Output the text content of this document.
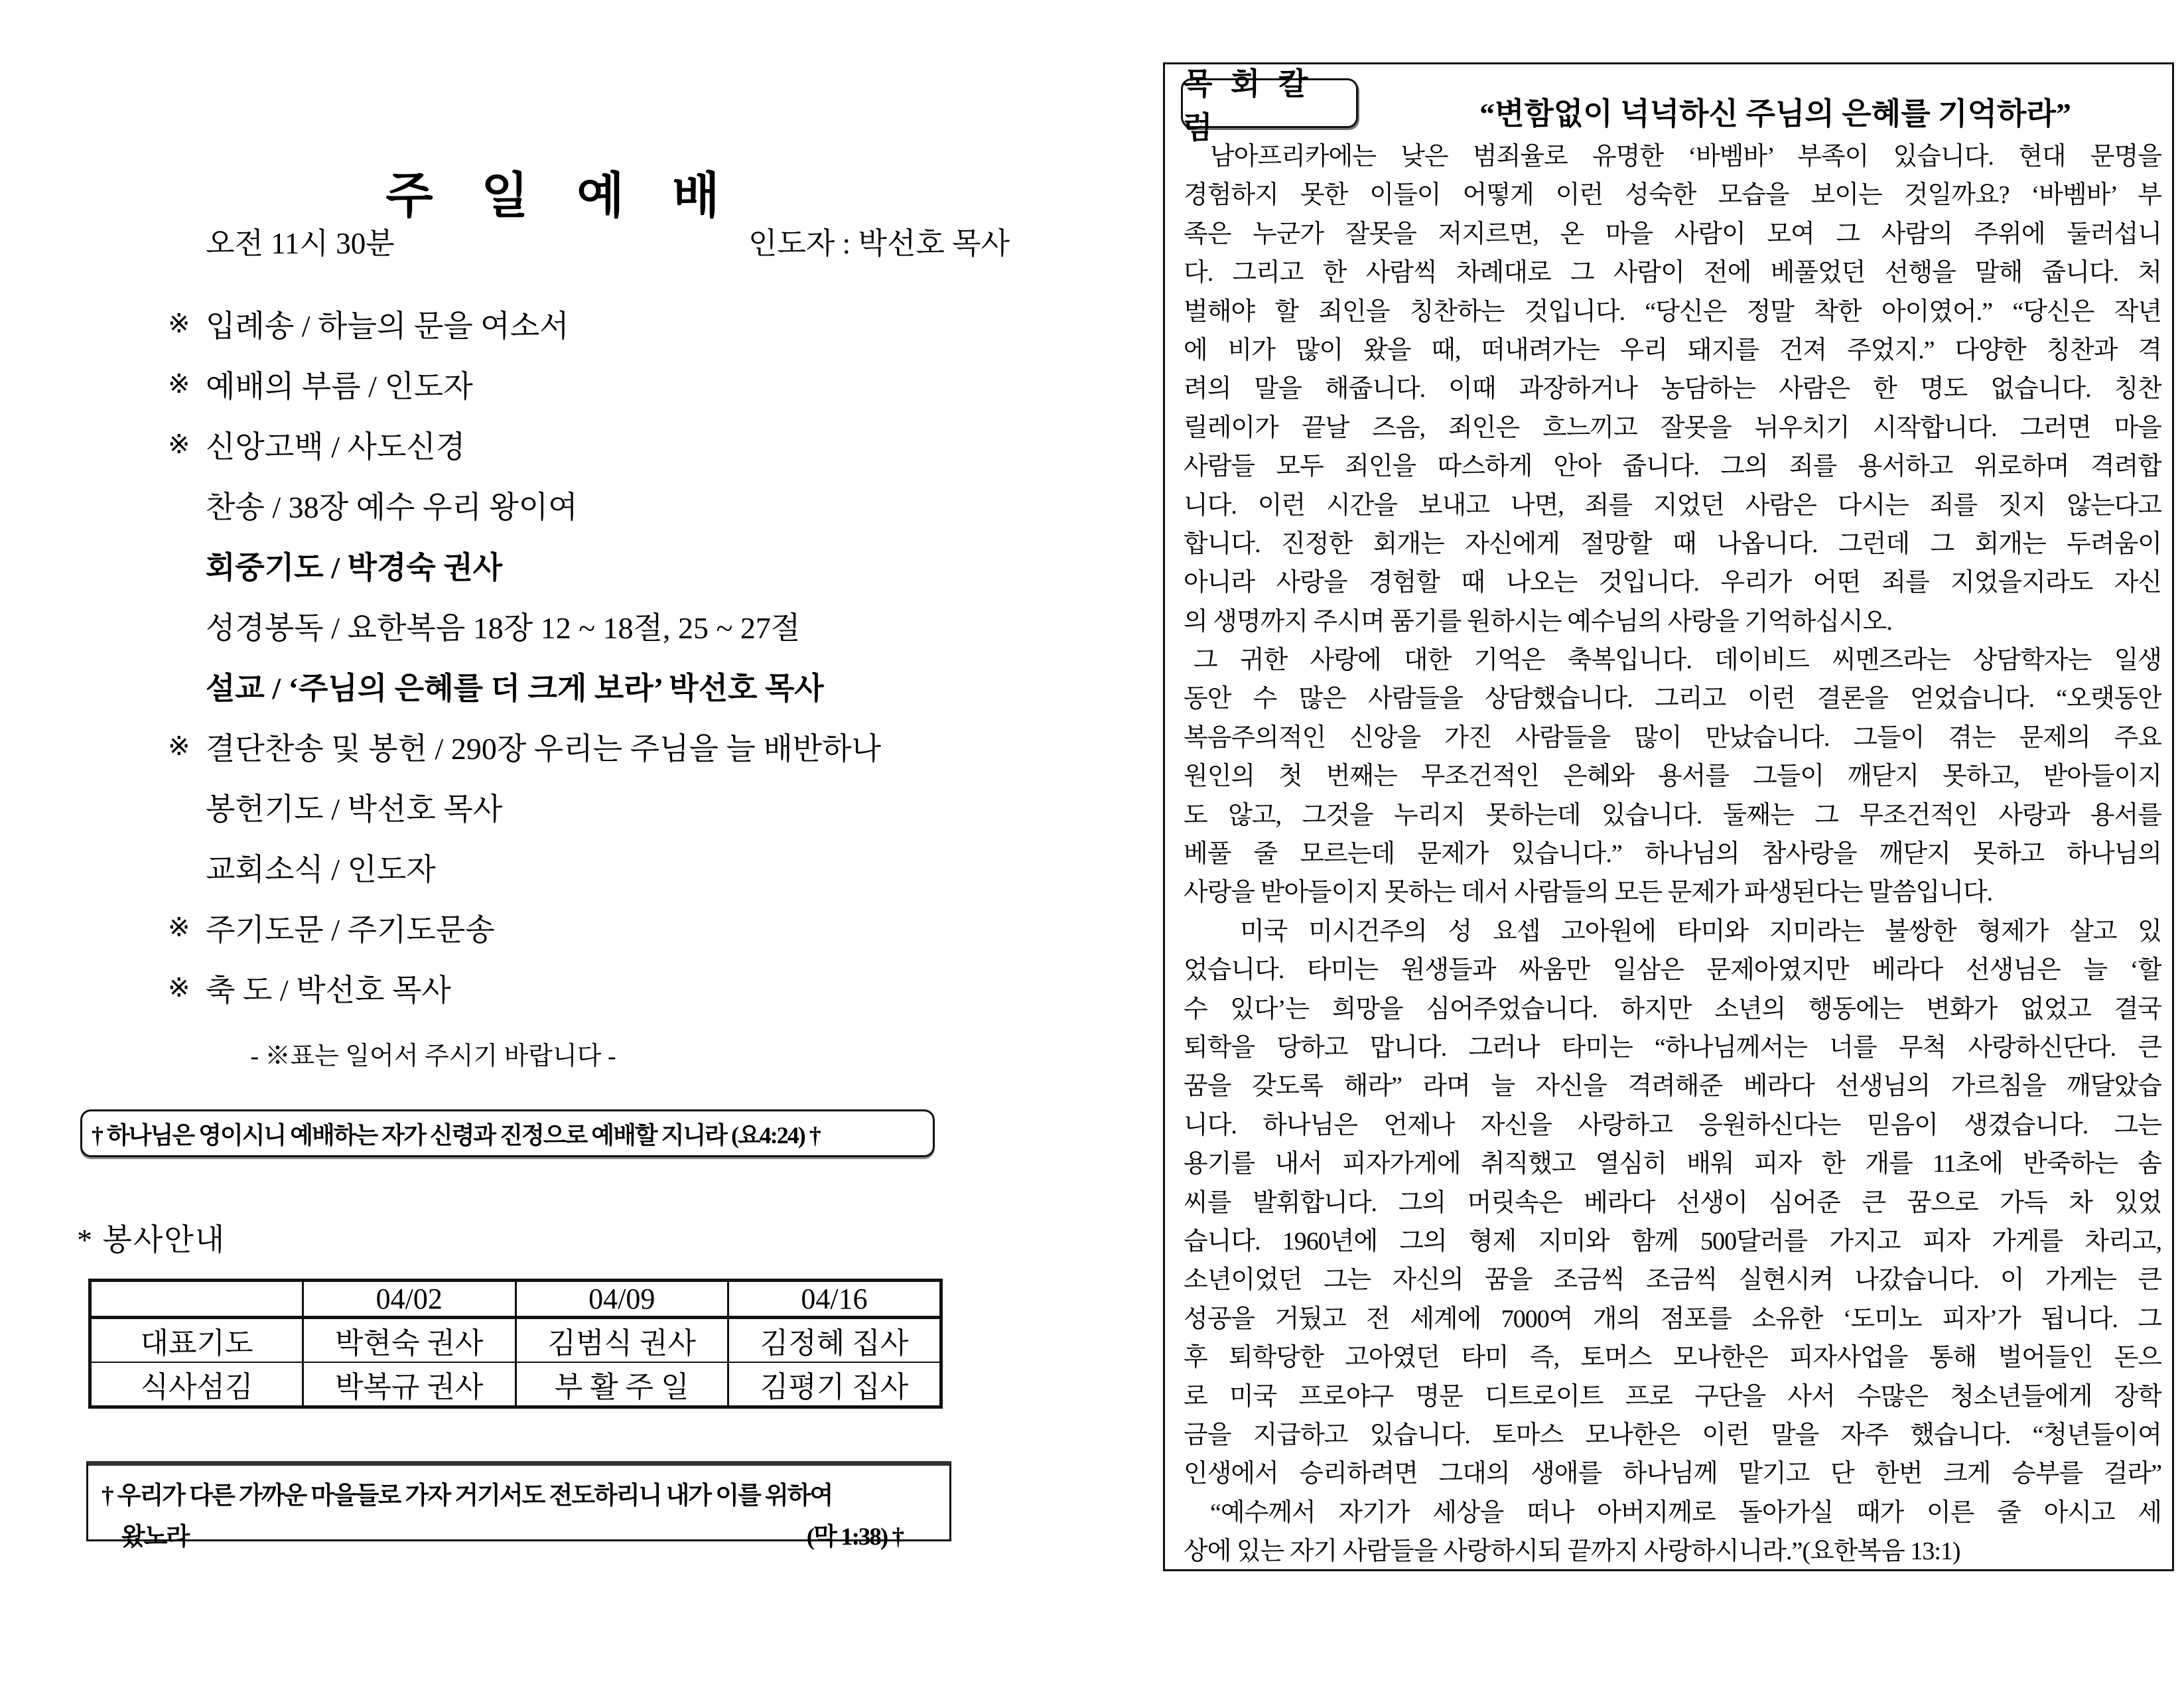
주 일 예 배
오전 11시 30분	인도자 : 박선호 목사
※ 입례송 / 하늘의 문을 여소서
※ 예배의 부름 / 인도자
※ 신앙고백 / 사도신경
찬송 / 38장 예수 우리 왕이여
회중기도 / 박경숙 권사
성경봉독 / 요한복음 18장 12 ~ 18절, 25 ~ 27절
설교 / ‘주님의 은혜를 더 크게 보라’ 박선호 목사
※ 결단찬송 및 봉헌 / 290장 우리는 주님을 늘 배반하나
봉헌기도 / 박선호 목사
교회소식 / 인도자
※ 주기도문 / 주기도문송
※ 축 도 / 박선호 목사
- ※표는 일어서 주시기 바랍니다 -
† 하나님은 영이시니 예배하는 자가 신령과 진정으로 예배할 지니라 (요4:24) †
* 봉사안내
	04/02	04/09	04/16
대표기도	박현숙 권사	김범식 권사	김정혜 집사
식사섬김	박복규 권사	부 활 주 일	김평기 집사
† 우리가 다른 가까운 마을들로 가자 거기서도 전도하리니 내가 이를 위하여
왔노라	(막 1:38) †
목 회 칼 럼	“변함없이 넉넉하신 주님의 은혜를 기억하라”
남아프리카에는 낮은 범죄율로 유명한 ‘바벰바’ 부족이 있습니다. 현대 문명을
경험하지 못한 이들이 어떻게 이런 성숙한 모습을 보이는 것일까요? ‘바벰바’ 부
족은 누군가 잘못을 저지르면, 온 마을 사람이 모여 그 사람의 주위에 둘러섭니
다. 그리고 한 사람씩 차례대로 그 사람이 전에 베풀었던 선행을 말해 줍니다. 처
벌해야 할 죄인을 칭찬하는 것입니다. “당신은 정말 착한 아이였어.” “당신은 작년
에 비가 많이 왔을 때, 떠내려가는 우리 돼지를 건져 주었지.” 다양한 칭찬과 격
려의 말을 해줍니다. 이때 과장하거나 농담하는 사람은 한 명도 없습니다. 칭찬
릴레이가 끝날 즈음, 죄인은 흐느끼고 잘못을 뉘우치기 시작합니다. 그러면 마을
사람들 모두 죄인을 따스하게 안아 줍니다. 그의 죄를 용서하고 위로하며 격려합
니다. 이런 시간을 보내고 나면, 죄를 지었던 사람은 다시는 죄를 짓지 않는다고
합니다. 진정한 회개는 자신에게 절망할 때 나옵니다. 그런데 그 회개는 두려움이
아니라 사랑을 경험할 때 나오는 것입니다. 우리가 어떤 죄를 지었을지라도 자신
의 생명까지 주시며 품기를 원하시는 예수님의 사랑을 기억하십시오.
그 귀한 사랑에 대한 기억은 축복입니다. 데이비드 씨멘즈라는 상담학자는 일생
동안 수 많은 사람들을 상담했습니다. 그리고 이런 결론을 얻었습니다. “오랫동안
복음주의적인 신앙을 가진 사람들을 많이 만났습니다. 그들이 겪는 문제의 주요
원인의 첫 번째는 무조건적인 은혜와 용서를 그들이 깨닫지 못하고, 받아들이지
도 않고, 그것을 누리지 못하는데 있습니다. 둘째는 그 무조건적인 사랑과 용서를
베풀 줄 모르는데 문제가 있습니다.” 하나님의 참사랑을 깨닫지 못하고 하나님의
사랑을 받아들이지 못하는 데서 사람들의 모든 문제가 파생된다는 말씀입니다.
미국 미시건주의 성 요셉 고아원에 타미와 지미라는 불쌍한 형제가 살고 있
었습니다. 타미는 원생들과 싸움만 일삼은 문제아였지만 베라다 선생님은 늘 ‘할
수 있다’는 희망을 심어주었습니다. 하지만 소년의 행동에는 변화가 없었고 결국
퇴학을 당하고 맙니다. 그러나 타미는 “하나님께서는 너를 무척 사랑하신단다. 큰
꿈을 갖도록 해라” 라며 늘 자신을 격려해준 베라다 선생님의 가르침을 깨달았습
니다. 하나님은 언제나 자신을 사랑하고 응원하신다는 믿음이 생겼습니다. 그는
용기를 내서 피자가게에 취직했고 열심히 배워 피자 한 개를 11초에 반죽하는 솜
씨를 발휘합니다. 그의 머릿속은 베라다 선생이 심어준 큰 꿈으로 가득 차 있었
습니다. 1960년에 그의 형제 지미와 함께 500달러를 가지고 피자 가게를 차리고,
소년이었던 그는 자신의 꿈을 조금씩 조금씩 실현시켜 나갔습니다. 이 가게는 큰
성공을 거뒀고 전 세계에 7000여 개의 점포를 소유한 ‘도미노 피자’가 됩니다. 그
후 퇴학당한 고아였던 타미 즉, 토머스 모나한은 피자사업을 통해 벌어들인 돈으
로 미국 프로야구 명문 디트로이트 프로 구단을 사서 수많은 청소년들에게 장학
금을 지급하고 있습니다. 토마스 모나한은 이런 말을 자주 했습니다. “청년들이여
인생에서 승리하려면 그대의 생애를 하나님께 맡기고 단 한번 크게 승부를 걸라”
“예수께서 자기가 세상을 떠나 아버지께로 돌아가실 때가 이른 줄 아시고 세
상에 있는 자기 사람들을 사랑하시되 끝까지 사랑하시니라.”(요한복음 13:1)
